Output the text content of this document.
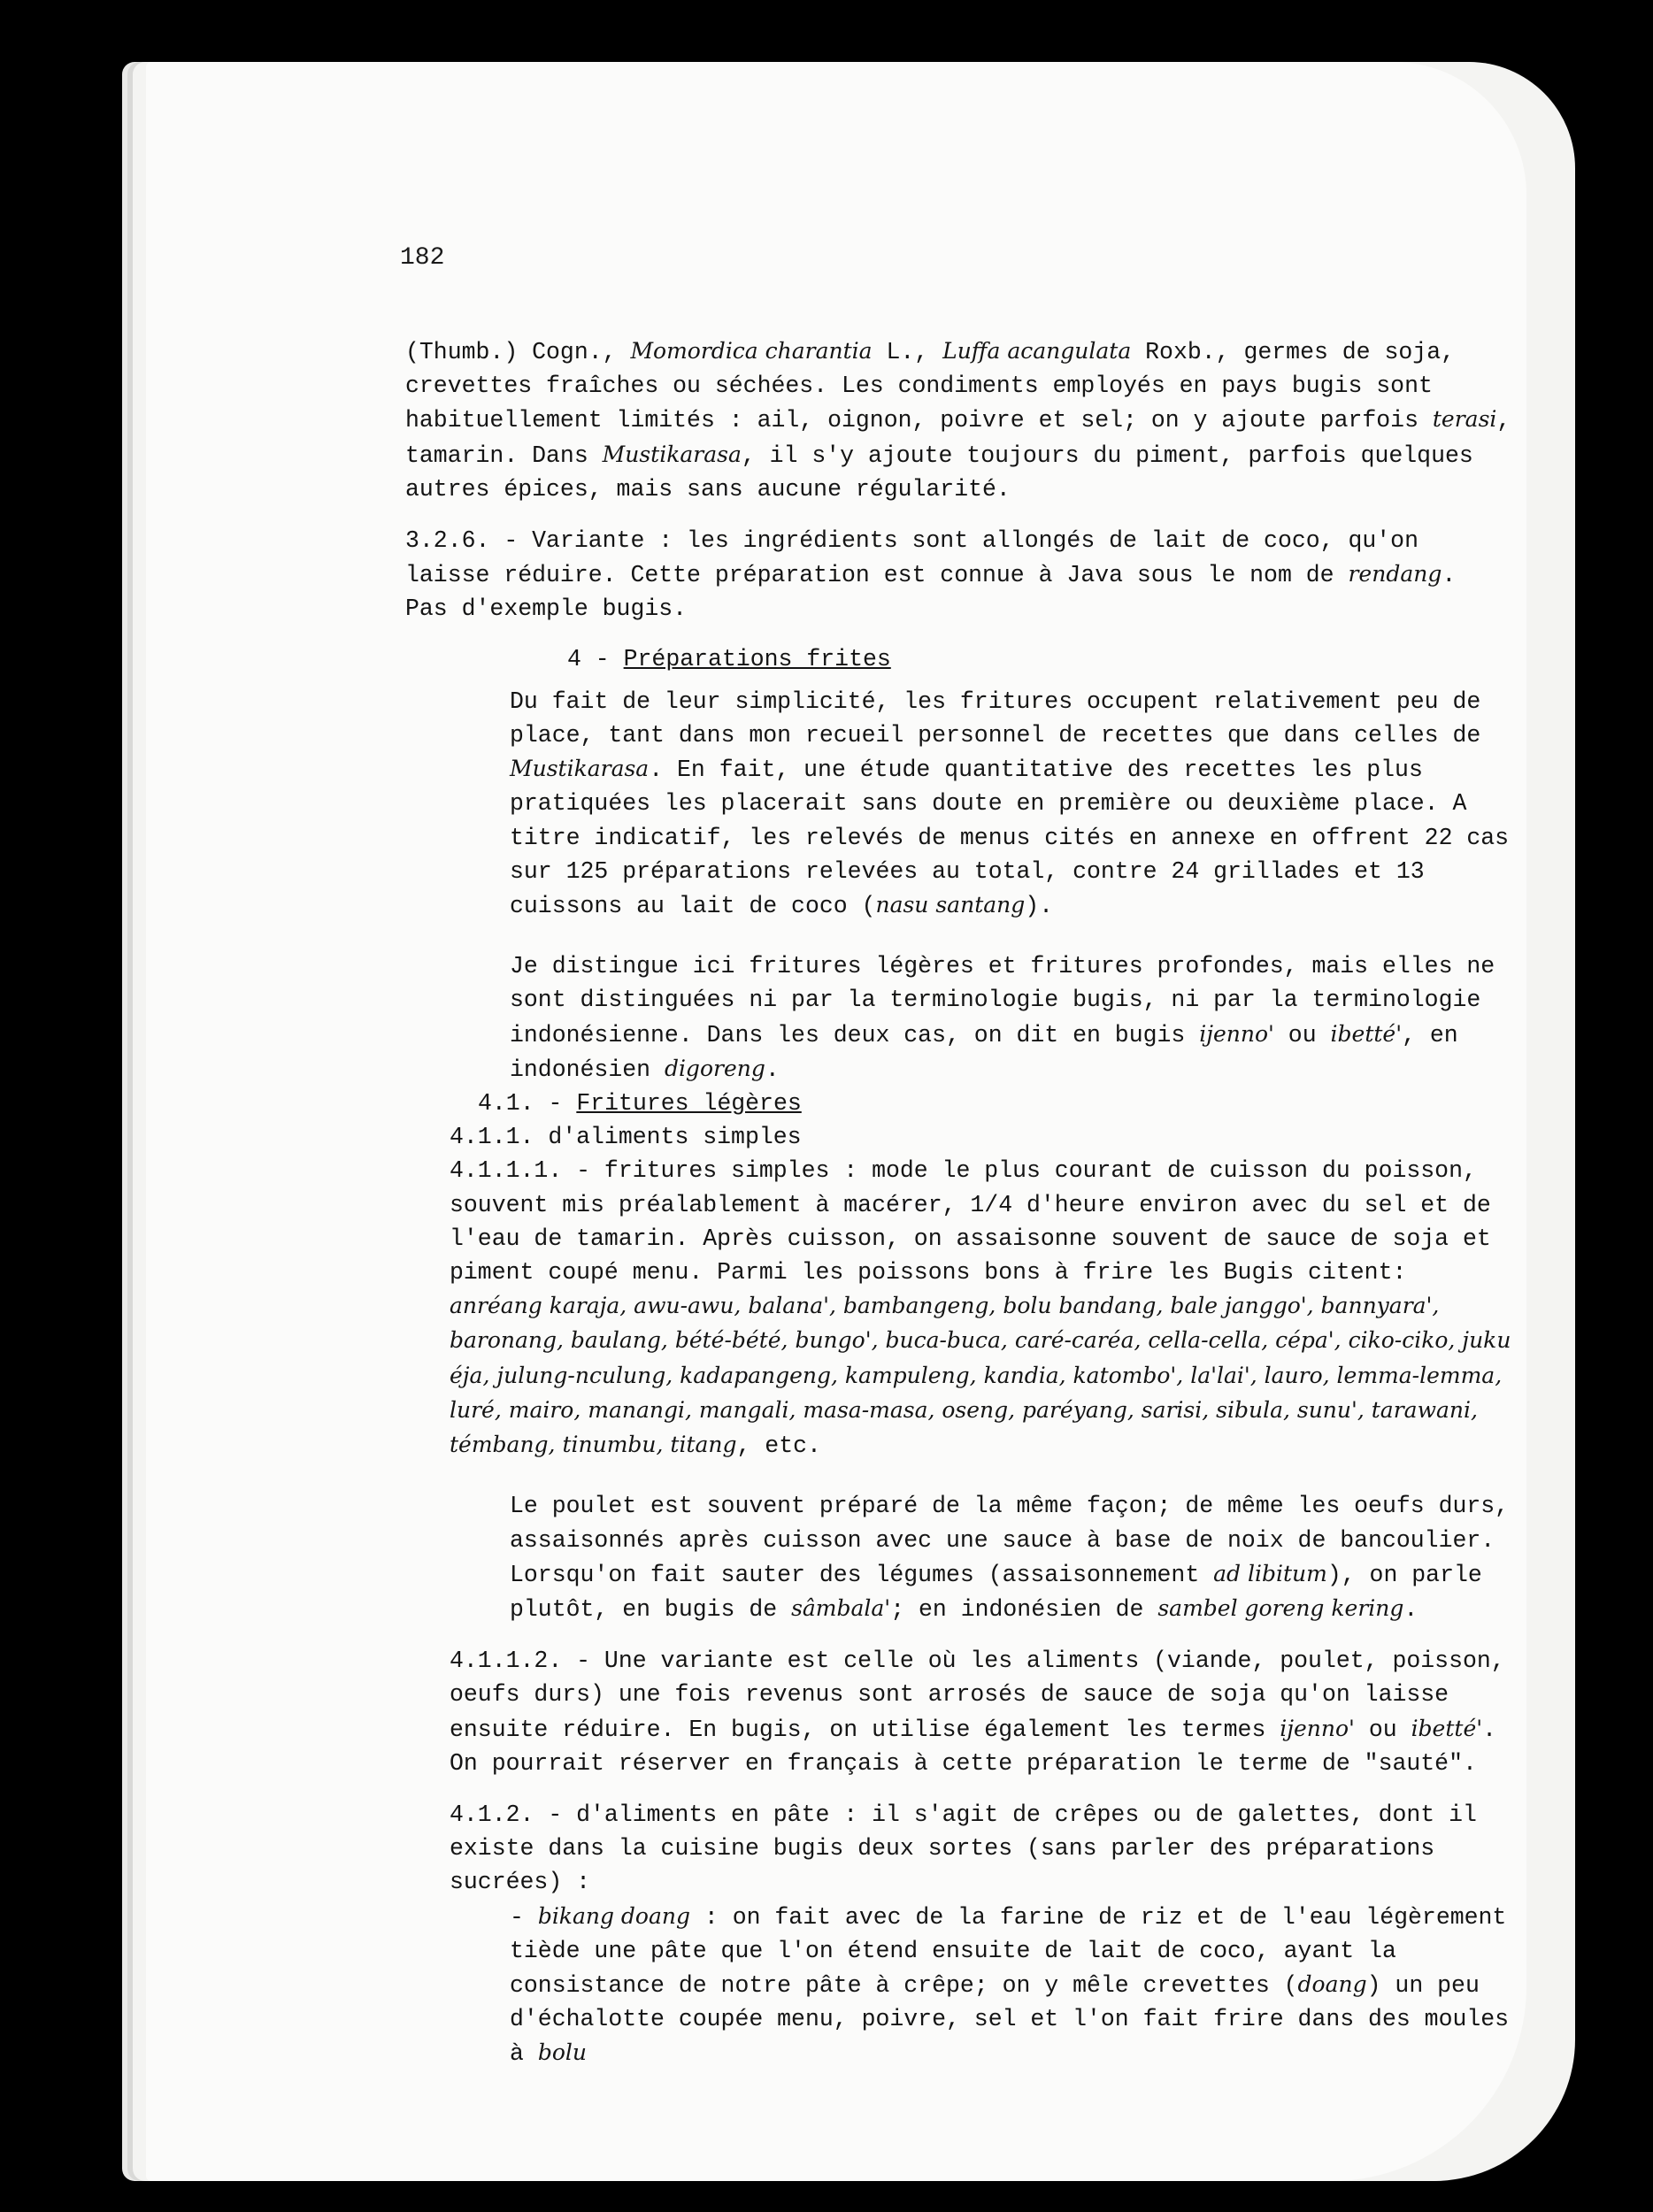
182

(Thumb.) Cogn., Momordica charantia L., Luffa acangulata Roxb., germes de soja, crevettes fraîches ou séchées. Les condiments employés en pays bugis sont habituellement limités : ail, oignon, poivre et sel; on y ajoute parfois terasi, tamarin. Dans Mustikarasa, il s'y ajoute toujours du piment, parfois quelques autres épices, mais sans aucune régularité.

3.2.6. - Variante : les ingrédients sont allongés de lait de coco, qu'on laisse réduire. Cette préparation est connue à Java sous le nom de rendang. Pas d'exemple bugis.

4 - Préparations frites

Du fait de leur simplicité, les fritures occupent relativement peu de place, tant dans mon recueil personnel de recettes que dans celles de Mustikarasa. En fait, une étude quantitative des recettes les plus pratiquées les placerait sans doute en première ou deuxième place. A titre indicatif, les relevés de menus cités en annexe en offrent 22 cas sur 125 préparations relevées au total, contre 24 grillades et 13 cuissons au lait de coco (nasu santang).

Je distingue ici fritures légères et fritures profondes, mais elles ne sont distinguées ni par la terminologie bugis, ni par la terminologie indonésienne. Dans les deux cas, on dit en bugis ijenno' ou ibetté', en indonésien digoreng.

4.1. - Fritures légères

4.1.1. d'aliments simples

4.1.1.1. - fritures simples : mode le plus courant de cuisson du poisson, souvent mis préalablement à macérer, 1/4 d'heure environ avec du sel et de l'eau de tamarin. Après cuisson, on assaisonne souvent de sauce de soja et piment coupé menu. Parmi les poissons bons à frire les Bugis citent: anréang karaja, awu-awu, balana', bambangeng, bolu bandang, bale janggo', bannyara', baronang, baulang, bété-bété, bungo', buca-buca, caré-caréa, cella-cella, cépa', ciko-ciko, juku éja, julung-nculung, kadapangeng, kampuleng, kandia, katombo', la'lai', lauro, lemma-lemma, luré, mairo, manangi, mangali, masa-masa, oseng, paréyang, sarisi, sibula, sunu', tarawani, témbang, tinumbu, titang, etc.

Le poulet est souvent préparé de la même façon; de même les oeufs durs, assaisonnés après cuisson avec une sauce à base de noix de bancoulier. Lorsqu'on fait sauter des légumes (assaisonnement ad libitum), on parle plutôt, en bugis de sâmbala'; en indonésien de sambel goreng kering.

4.1.1.2. - Une variante est celle où les aliments (viande, poulet, poisson, oeufs durs) une fois revenus sont arrosés de sauce de soja qu'on laisse ensuite réduire. En bugis, on utilise également les termes ijenno' ou ibetté'. On pourrait réserver en français à cette préparation le terme de "sauté".

4.1.2. - d'aliments en pâte : il s'agit de crêpes ou de galettes, dont il existe dans la cuisine bugis deux sortes (sans parler des préparations sucrées) :

- bikang doang : on fait avec de la farine de riz et de l'eau légèrement tiède une pâte que l'on étend ensuite de lait de coco, ayant la consistance de notre pâte à crêpe; on y mêle crevettes (doang) un peu d'échalotte coupée menu, poivre, sel et l'on fait frire dans des moules à bolu
